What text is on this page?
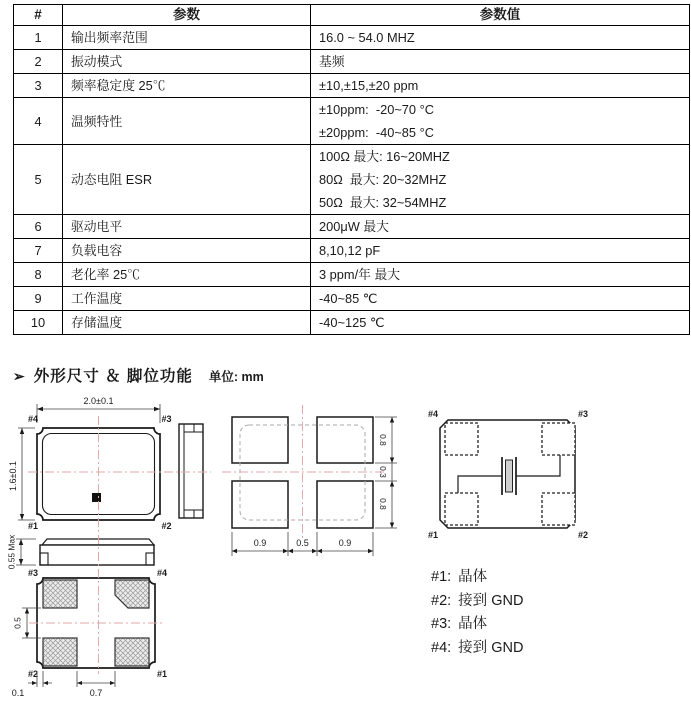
#	参数	参数值
1	输出频率范围	16.0 ~ 54.0 MHZ

2	振动模式	基频

3	频率稳定度 25℃	±10,±15,±20 ppm

4	温频特性	±10ppm:  -20~70 °C
±20ppm:  -40~85 °C

5	动态电阻 ESR	100Ω 最大: 16~20MHZ
80Ω  最大: 20~32MHZ
50Ω  最大: 32~54MHZ

6	驱动电平	200μW 最大

7	负载电容	8,10,12 pF

8	老化率 25℃	3 ppm/年 最大

9	工作温度	-40~85 ℃

10	存储温度	-40~125 ℃
➢ 外形尺寸 ＆ 脚位功能 单位: mm
2.0±0.1
#4	#3
#1	#2
1.6±0.1
0.55 Max
#3	#4
#2	#1
0.5
0.1	0.7
0.8
0.3
0.8
0.9	0.5	0.9
#4	#3
#1	#2
#1: 晶体
#2: 接到 GND
#3: 晶体
#4: 接到 GND
